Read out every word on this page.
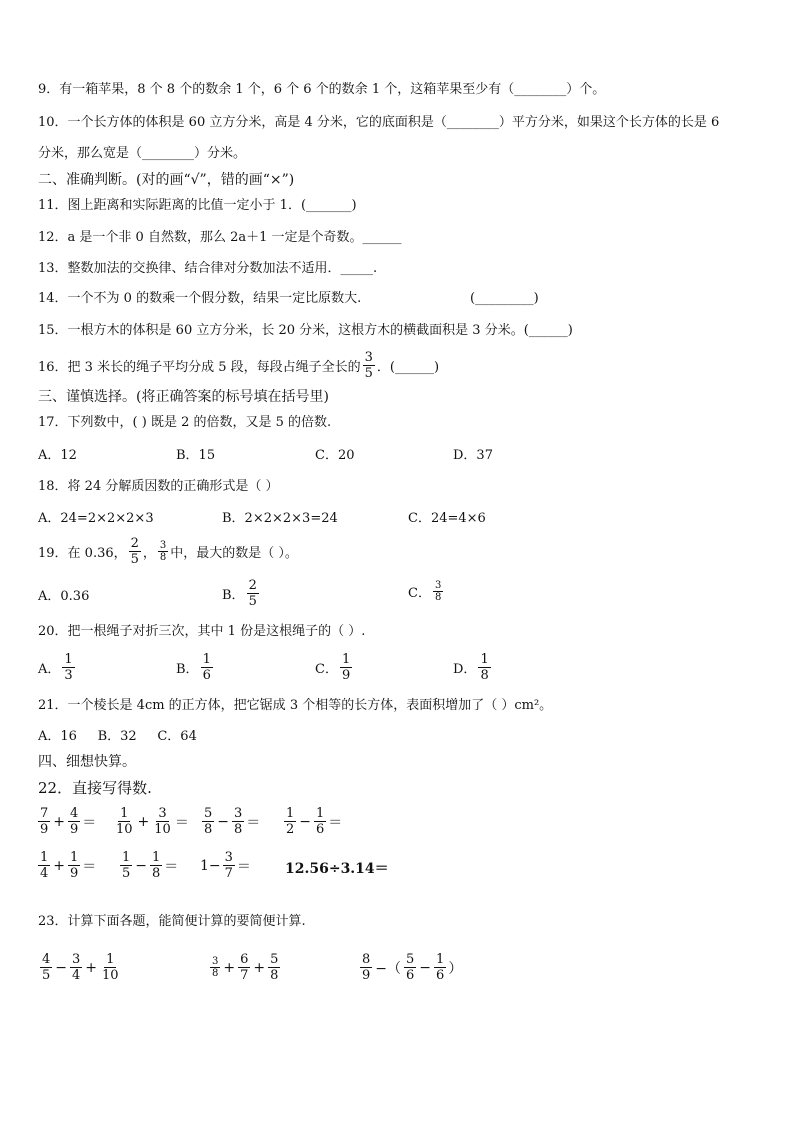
9．有一箱苹果，8 个 8 个的数余 1 个，6 个 6 个的数余 1 个，这箱苹果至少有（________）个。
10．一个长方体的体积是 60 立方分米，高是 4 分米，它的底面积是（________）平方分米，如果这个长方体的长是 6
分米，那么宽是（________）分米。
二、准确判断。(对的画“√”，错的画“×”)
11．图上距离和实际距离的比值一定小于 1．(_______)
12．a 是一个非 0 自然数，那么 2a＋1 一定是个奇数。______
13．整数加法的交换律、结合律对分数加法不适用．_____.
14．一个不为 0 的数乘一个假分数，结果一定比原数大.	(_________)
15．一根方木的体积是 60 立方分米，长 20 分米，这根方木的横截面积是 3 分米。(______)
16．把 3 米长的绳子平均分成 5 段，每段占绳子全长的 $\frac{3}{5}$ ．(______)
三、谨慎选择。(将正确答案的标号填在括号里)
17．下列数中，( ) 既是 2 的倍数，又是 5 的倍数.
A．12	B．15	C．20	D．37
18．将 24 分解质因数的正确形式是（ ）
A．24=2×2×2×3	B．2×2×2×3=24	C．24=4×6
19．在 0.36， $\frac{2}{5}$ ， $\frac{3}{8}$ 中，最大的数是（ ）。
A．0.36	B． $\frac{2}{5}$	C． $\frac{3}{8}$
20．把一根绳子对折三次，其中 1 份是这根绳子的（ ）.
A． $\frac{1}{3}$	B． $\frac{1}{6}$	C． $\frac{1}{9}$	D． $\frac{1}{8}$
21．一个棱长是 4cm 的正方体，把它锯成 3 个相等的长方体，表面积增加了（ ）cm²。
A．16     B．32     C．64
四、细想快算。
22．直接写得数.
$\frac{7}{9} + \frac{4}{9} = \frac{1}{10} + \frac{3}{10} = \frac{5}{8} - \frac{3}{8} = \frac{1}{2} - \frac{1}{6}$ ＝
$\frac{1}{4} + \frac{1}{9} = \frac{1}{5} - \frac{1}{8} = 1- \frac{3}{7} = 12.56\div 3.14=$
23．计算下面各题，能简便计算的要简便计算.
$\frac{4}{5} - \frac{3}{4} + \frac{1}{10}$	$\frac{3}{8} + \frac{6}{7} + \frac{5}{8}$	$\frac{8}{9}$ −（ $\frac{5}{6} - \frac{1}{6}$ ）
